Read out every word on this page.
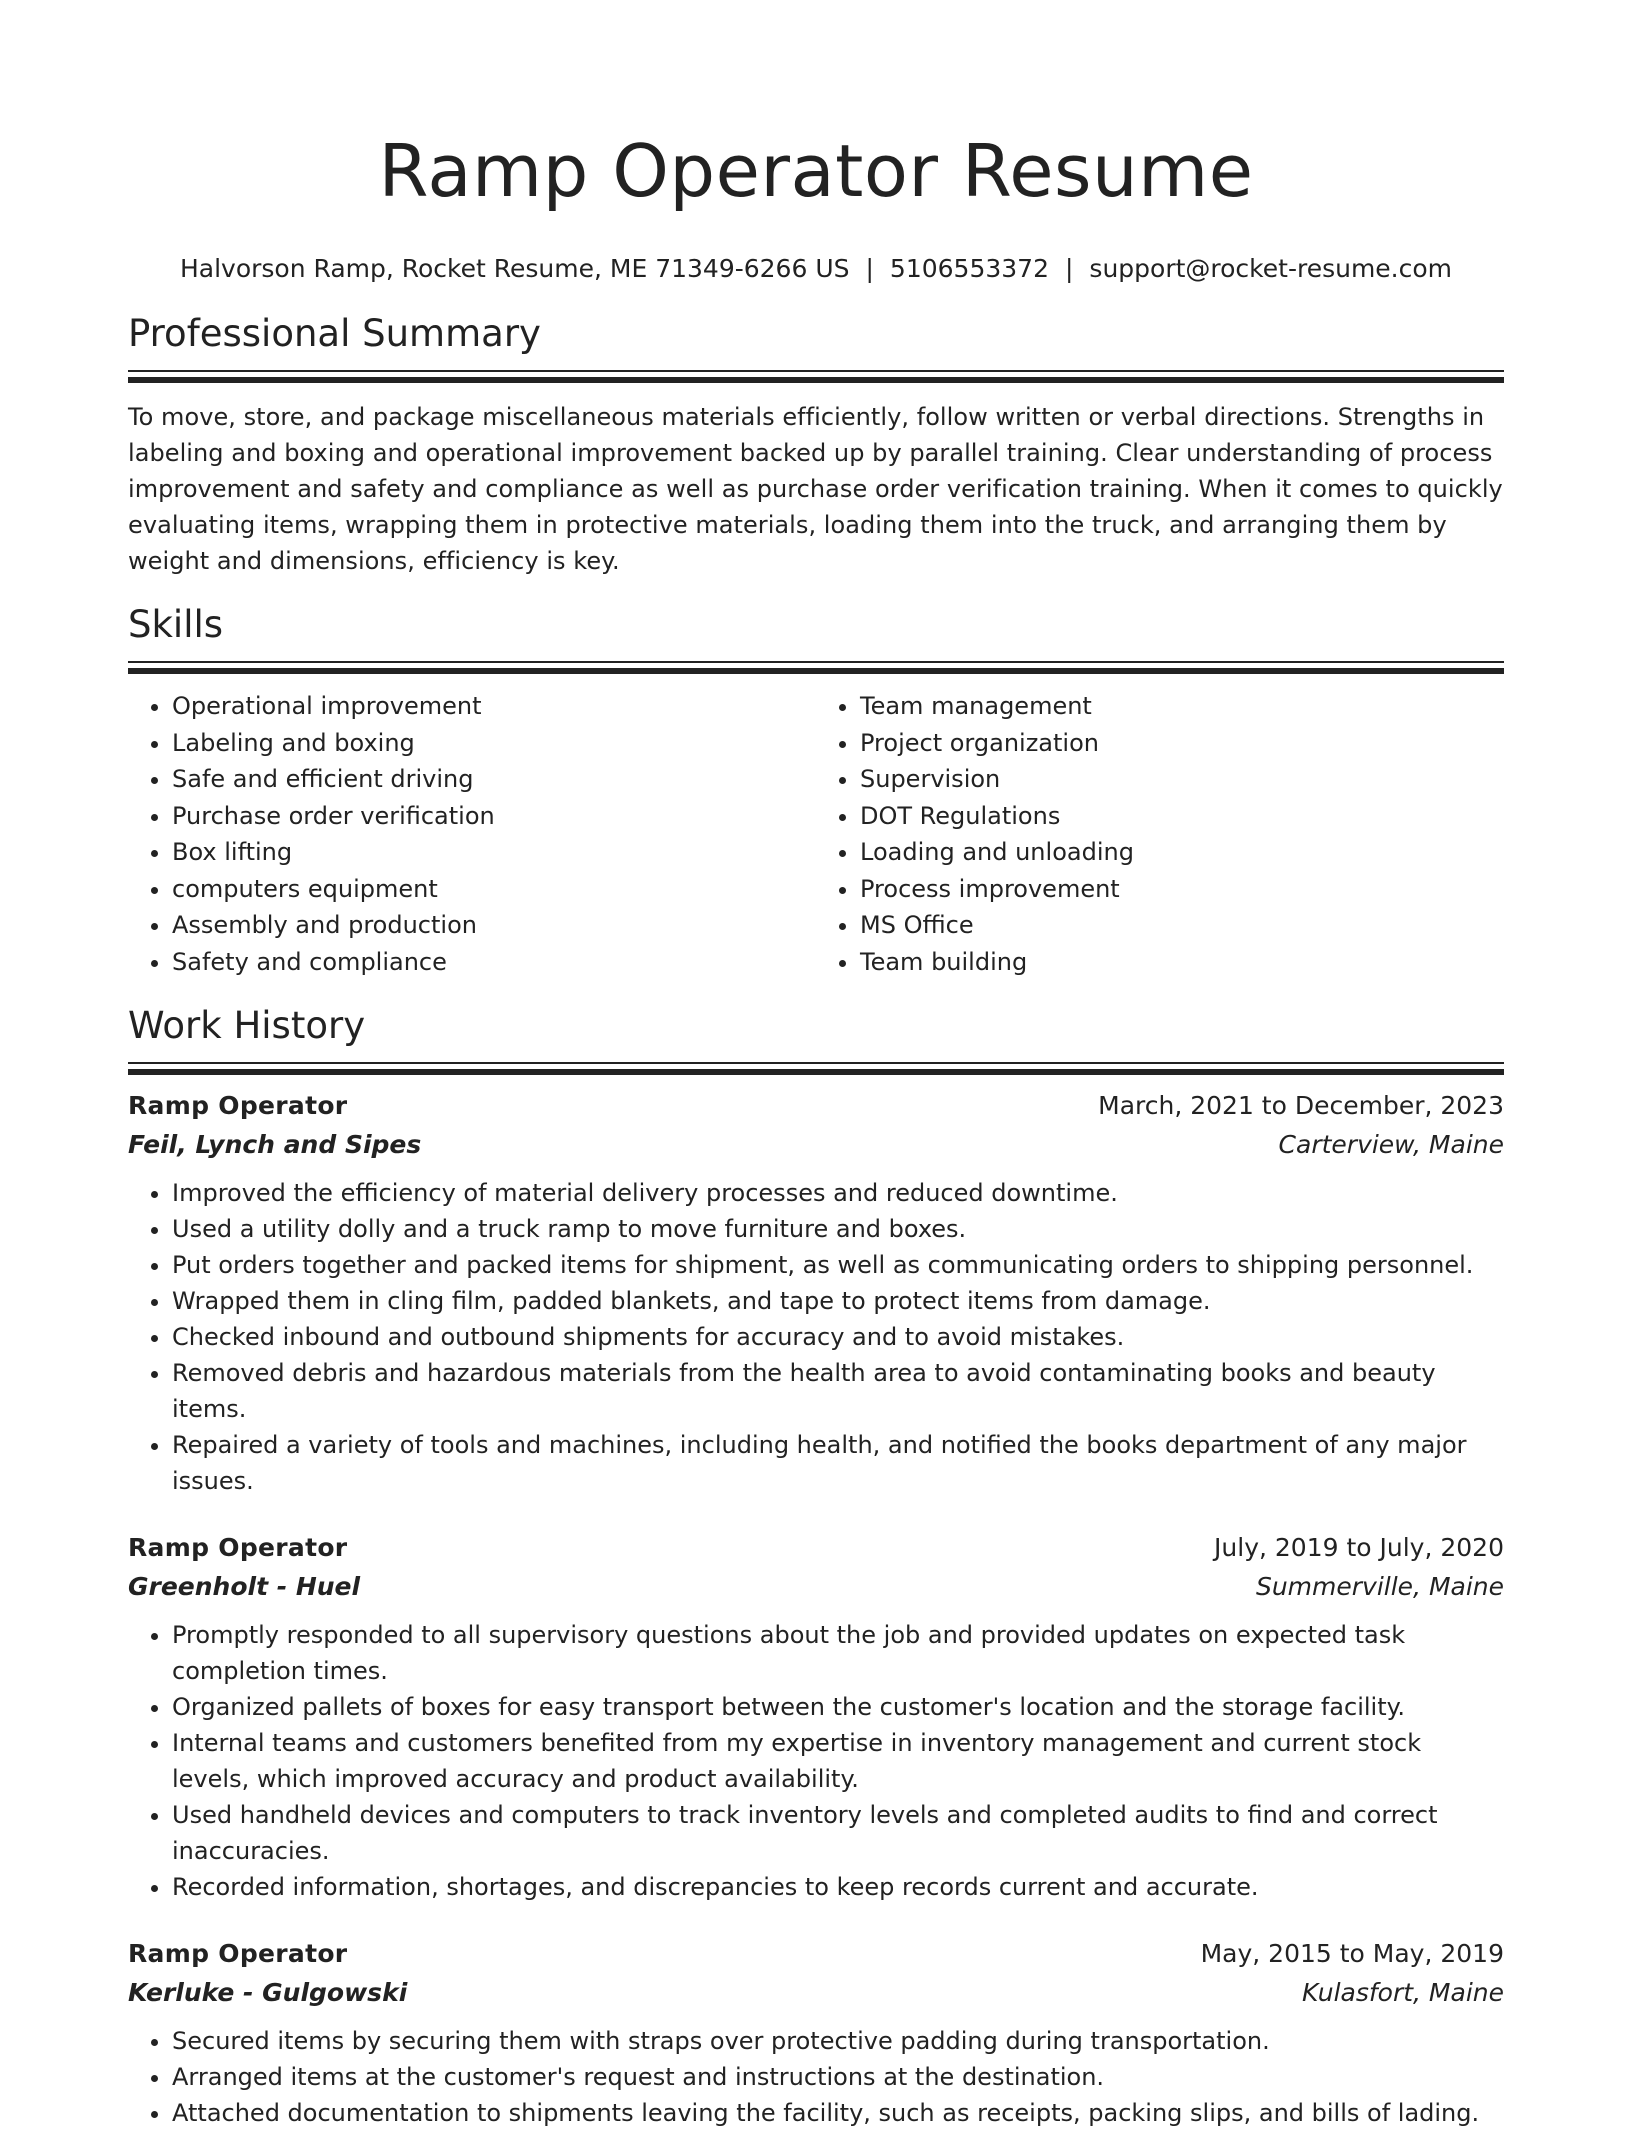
Ramp Operator Resume
Halvorson Ramp, Rocket Resume, ME 71349-6266 US | 5106553372 | support@rocket-resume.com
Professional Summary

To move, store, and package miscellaneous materials efficiently, follow written or verbal directions. Strengths in labeling and boxing and operational improvement backed up by parallel training. Clear understanding of process improvement and safety and compliance as well as purchase order verification training. When it comes to quickly evaluating items, wrapping them in protective materials, loading them into the truck, and arranging them by weight and dimensions, efficiency is key.

Skills
• Operational improvement
• Labeling and boxing
• Safe and efficient driving
• Purchase order verification
• Box lifting
• computers equipment
• Assembly and production
• Safety and compliance
• Team management
• Project organization
• Supervision
• DOT Regulations
• Loading and unloading
• Process improvement
• MS Office
• Team building
Work History
Ramp Operator	March, 2021 to December, 2023
Feil, Lynch and Sipes	Carterview, Maine
• Improved the efficiency of material delivery processes and reduced downtime.
• Used a utility dolly and a truck ramp to move furniture and boxes.
• Put orders together and packed items for shipment, as well as communicating orders to shipping personnel.
• Wrapped them in cling film, padded blankets, and tape to protect items from damage.
• Checked inbound and outbound shipments for accuracy and to avoid mistakes.
• Removed debris and hazardous materials from the health area to avoid contaminating books and beauty items.
• Repaired a variety of tools and machines, including health, and notified the books department of any major issues.
Ramp Operator	July, 2019 to July, 2020
Greenholt - Huel	Summerville, Maine
• Promptly responded to all supervisory questions about the job and provided updates on expected task completion times.
• Organized pallets of boxes for easy transport between the customer's location and the storage facility.
• Internal teams and customers benefited from my expertise in inventory management and current stock levels, which improved accuracy and product availability.
• Used handheld devices and computers to track inventory levels and completed audits to find and correct inaccuracies.
• Recorded information, shortages, and discrepancies to keep records current and accurate.
Ramp Operator	May, 2015 to May, 2019
Kerluke - Gulgowski	Kulasfort, Maine
• Secured items by securing them with straps over protective padding during transportation.
• Arranged items at the customer's request and instructions at the destination.
• Attached documentation to shipments leaving the facility, such as receipts, packing slips, and bills of lading.
